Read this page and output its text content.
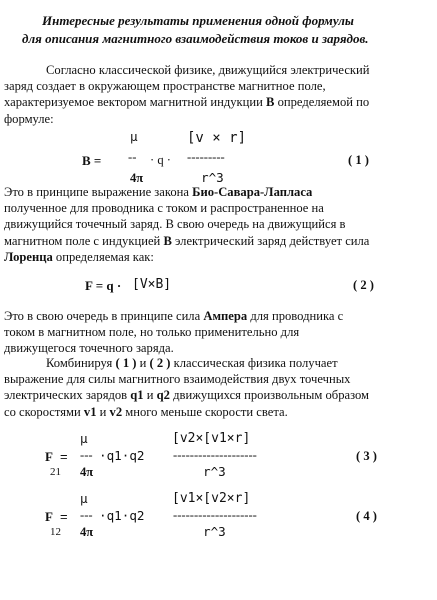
Интересные результаты применения одной формулы
для описания магнитного взаимодействия токов и зарядов.

Согласно классической физике, движущийся электрический

заряд создает в окружающем пространстве магнитное поле,

характеризуемое вектором магнитной индукции B определяемой по

формуле:

μ	[v × r]
B = -- · q · ---------	( 1 )
4π	r^3

Это в принципе выражение закона Био-Савара-Лапласа

полученное для проводника с током и распространенное на

движущийся точечный заряд. В свою очередь на движущийся в

магнитном поле с индукцией B электрический заряд действует сила

Лоренца определяемая как:

F = q · [V×B]	( 2 )

Это в свою очередь в принципе сила Ампера для проводника с

током в магнитном поле, но только применительно для

движущегося точечного заряда.

Комбинируя ( 1 ) и ( 2 ) классическая физика получает

выражение для силы магнитного взаимодействия двух точечных

электрических зарядов q1 и q2 движущихся произвольным образом

со скоростями v1 и v2 много меньше скорости света.

μ	[v2×[v1×r]
F = --- ·q1·q2 --------------------	( 3 )
21 4π	r^3
μ	[v1×[v2×r]
F = --- ·q1·q2 --------------------	( 4 )
12 4π	r^3
